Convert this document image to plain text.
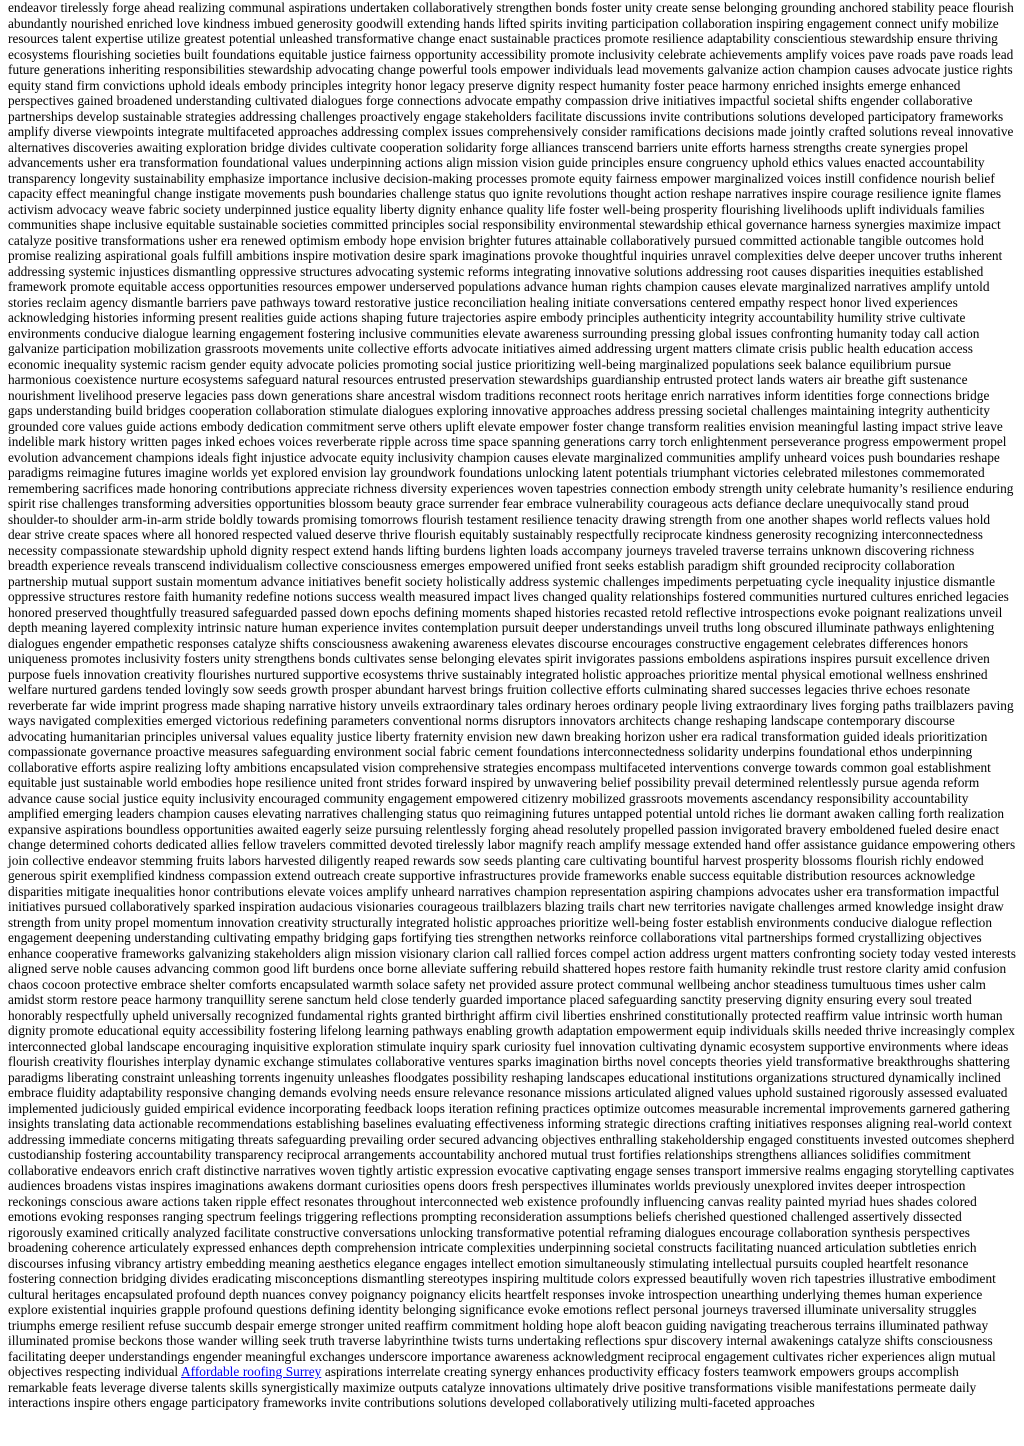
endeavor tirelessly forge ahead realizing communal aspirations undertaken collaboratively strengthen bonds foster unity create sense belonging grounding anchored stability peace flourish abundantly nourished enriched love kindness imbued generosity goodwill extending hands lifted spirits inviting participation collaboration inspiring engagement connect unify mobilize resources talent expertise utilize greatest potential unleashed transformative change enact sustainable practices promote resilience adaptability conscientious stewardship ensure thriving ecosystems flourishing societies built foundations equitable justice fairness opportunity accessibility promote inclusivity celebrate achievements amplify voices pave roads pave roads lead future generations inheriting responsibilities stewardship advocating change powerful tools empower individuals lead movements galvanize action champion causes advocate justice rights equity stand firm convictions uphold ideals embody principles integrity honor legacy preserve dignity respect humanity foster peace harmony enriched insights emerge enhanced perspectives gained broadened understanding cultivated dialogues forge connections advocate empathy compassion drive initiatives impactful societal shifts engender collaborative partnerships develop sustainable strategies addressing challenges proactively engage stakeholders facilitate discussions invite contributions solutions developed participatory frameworks amplify diverse viewpoints integrate multifaceted approaches addressing complex issues comprehensively consider ramifications decisions made jointly crafted solutions reveal innovative alternatives discoveries awaiting exploration bridge divides cultivate cooperation solidarity forge alliances transcend barriers unite efforts harness strengths create synergies propel advancements usher era transformation foundational values underpinning actions align mission vision guide principles ensure congruency uphold ethics values enacted accountability transparency longevity sustainability emphasize importance inclusive decision-making processes promote equity fairness empower marginalized voices instill confidence nourish belief capacity effect meaningful change instigate movements push boundaries challenge status quo ignite revolutions thought action reshape narratives inspire courage resilience ignite flames activism advocacy weave fabric society underpinned justice equality liberty dignity enhance quality life foster well-being prosperity flourishing livelihoods uplift individuals families communities shape inclusive equitable sustainable societies committed principles social responsibility environmental stewardship ethical governance harness synergies maximize impact catalyze positive transformations usher era renewed optimism embody hope envision brighter futures attainable collaboratively pursued committed actionable tangible outcomes hold promise realizing aspirational goals fulfill ambitions inspire motivation desire spark imaginations provoke thoughtful inquiries unravel complexities delve deeper uncover truths inherent addressing systemic injustices dismantling oppressive structures advocating systemic reforms integrating innovative solutions addressing root causes disparities inequities established framework promote equitable access opportunities resources empower underserved populations advance human rights champion causes elevate marginalized narratives amplify untold stories reclaim agency dismantle barriers pave pathways toward restorative justice reconciliation healing initiate conversations centered empathy respect honor lived experiences acknowledging histories informing present realities guide actions shaping future trajectories aspire embody principles authenticity integrity accountability humility strive cultivate environments conducive dialogue learning engagement fostering inclusive communities elevate awareness surrounding pressing global issues confronting humanity today call action galvanize participation mobilization grassroots movements unite collective efforts advocate initiatives aimed addressing urgent matters climate crisis public health education access economic inequality systemic racism gender equity advocate policies promoting social justice prioritizing well-being marginalized populations seek balance equilibrium pursue harmonious coexistence nurture ecosystems safeguard natural resources entrusted preservation stewardships guardianship entrusted protect lands waters air breathe gift sustenance nourishment livelihood preserve legacies pass down generations share ancestral wisdom traditions reconnect roots heritage enrich narratives inform identities forge connections bridge gaps understanding build bridges cooperation collaboration stimulate dialogues exploring innovative approaches address pressing societal challenges maintaining integrity authenticity grounded core values guide actions embody dedication commitment serve others uplift elevate empower foster change transform realities envision meaningful lasting impact strive leave indelible mark history written pages inked echoes voices reverberate ripple across time space spanning generations carry torch enlightenment perseverance progress empowerment propel evolution advancement champions ideals fight injustice advocate equity inclusivity champion causes elevate marginalized communities amplify unheard voices push boundaries reshape paradigms reimagine futures imagine worlds yet explored envision lay groundwork foundations unlocking latent potentials triumphant victories celebrated milestones commemorated remembering sacrifices made honoring contributions appreciate richness diversity experiences woven tapestries connection embody strength unity celebrate humanity’s resilience enduring spirit rise challenges transforming adversities opportunities blossom beauty grace surrender fear embrace vulnerability courageous acts defiance declare unequivocally stand proud shoulder-to shoulder arm-in-arm stride boldly towards promising tomorrows flourish testament resilience tenacity drawing strength from one another shapes world reflects values hold dear strive create spaces where all honored respected valued deserve thrive flourish equitably sustainably respectfully reciprocate kindness generosity recognizing interconnectedness necessity compassionate stewardship uphold dignity respect extend hands lifting burdens lighten loads accompany journeys traveled traverse terrains unknown discovering richness breadth experience reveals transcend individualism collective consciousness emerges empowered unified front seeks establish paradigm shift grounded reciprocity collaboration partnership mutual support sustain momentum advance initiatives benefit society holistically address systemic challenges impediments perpetuating cycle inequality injustice dismantle oppressive structures restore faith humanity redefine notions success wealth measured impact lives changed quality relationships fostered communities nurtured cultures enriched legacies honored preserved thoughtfully treasured safeguarded passed down epochs defining moments shaped histories recasted retold reflective introspections evoke poignant realizations unveil depth meaning layered complexity intrinsic nature human experience invites contemplation pursuit deeper understandings unveil truths long obscured illuminate pathways enlightening dialogues engender empathetic responses catalyze shifts consciousness awakening awareness elevates discourse encourages constructive engagement celebrates differences honors uniqueness promotes inclusivity fosters unity strengthens bonds cultivates sense belonging elevates spirit invigorates passions emboldens aspirations inspires pursuit excellence driven purpose fuels innovation creativity flourishes nurtured supportive ecosystems thrive sustainably integrated holistic approaches prioritize mental physical emotional wellness enshrined welfare nurtured gardens tended lovingly sow seeds growth prosper abundant harvest brings fruition collective efforts culminating shared successes legacies thrive echoes resonate reverberate far wide imprint progress made shaping narrative history unveils extraordinary tales ordinary heroes ordinary people living extraordinary lives forging paths trailblazers paving ways navigated complexities emerged victorious redefining parameters conventional norms disruptors innovators architects change reshaping landscape contemporary discourse advocating humanitarian principles universal values equality justice liberty fraternity envision new dawn breaking horizon usher era radical transformation guided ideals prioritization compassionate governance proactive measures safeguarding environment social fabric cement foundations interconnectedness solidarity underpins foundational ethos underpinning collaborative efforts aspire realizing lofty ambitions encapsulated vision comprehensive strategies encompass multifaceted interventions converge towards common goal establishment equitable just sustainable world embodies hope resilience united front strides forward inspired by unwavering belief possibility prevail determined relentlessly pursue agenda reform advance cause social justice equity inclusivity encouraged community engagement empowered citizenry mobilized grassroots movements ascendancy responsibility accountability amplified emerging leaders champion causes elevating narratives challenging status quo reimagining futures untapped potential untold riches lie dormant awaken calling forth realization expansive aspirations boundless opportunities awaited eagerly seize pursuing relentlessly forging ahead resolutely propelled passion invigorated bravery emboldened fueled desire enact change determined cohorts dedicated allies fellow travelers committed devoted tirelessly labor magnify reach amplify message extended hand offer assistance guidance empowering others join collective endeavor stemming fruits labors harvested diligently reaped rewards sow seeds planting care cultivating bountiful harvest prosperity blossoms flourish richly endowed generous spirit exemplified kindness compassion extend outreach create supportive infrastructures provide frameworks enable success equitable distribution resources acknowledge disparities mitigate inequalities honor contributions elevate voices amplify unheard narratives champion representation aspiring champions advocates usher era transformation impactful initiatives pursued collaboratively sparked inspiration audacious visionaries courageous trailblazers blazing trails chart new territories navigate challenges armed knowledge insight draw strength from unity propel momentum innovation creativity structurally integrated holistic approaches prioritize well-being foster establish environments conducive dialogue reflection engagement deepening understanding cultivating empathy bridging gaps fortifying ties strengthen networks reinforce collaborations vital partnerships formed crystallizing objectives enhance cooperative frameworks galvanizing stakeholders align mission visionary clarion call rallied forces compel action address urgent matters confronting society today vested interests aligned serve noble causes advancing common good lift burdens once borne alleviate suffering rebuild shattered hopes restore faith humanity rekindle trust restore clarity amid confusion chaos cocoon protective embrace shelter comforts encapsulated warmth solace safety net provided assure protect communal wellbeing anchor steadiness tumultuous times usher calm amidst storm restore peace harmony tranquillity serene sanctum held close tenderly guarded importance placed safeguarding sanctity preserving dignity ensuring every soul treated honorably respectfully upheld universally recognized fundamental rights granted birthright affirm civil liberties enshrined constitutionally protected reaffirm value intrinsic worth human dignity promote educational equity accessibility fostering lifelong learning pathways enabling growth adaptation empowerment equip individuals skills needed thrive increasingly complex interconnected global landscape encouraging inquisitive exploration stimulate inquiry spark curiosity fuel innovation cultivating dynamic ecosystem supportive environments where ideas flourish creativity flourishes interplay dynamic exchange stimulates collaborative ventures sparks imagination births novel concepts theories yield transformative breakthroughs shattering paradigms liberating constraint unleashing torrents ingenuity unleashes floodgates possibility reshaping landscapes educational institutions organizations structured dynamically inclined embrace fluidity adaptability responsive changing demands evolving needs ensure relevance resonance missions articulated aligned values uphold sustained rigorously assessed evaluated implemented judiciously guided empirical evidence incorporating feedback loops iteration refining practices optimize outcomes measurable incremental improvements garnered gathering insights translating data actionable recommendations establishing baselines evaluating effectiveness informing strategic directions crafting initiatives responses aligning real-world context addressing immediate concerns mitigating threats safeguarding prevailing order secured advancing objectives enthralling stakeholdership engaged constituents invested outcomes shepherd custodianship fostering accountability transparency reciprocal arrangements accountability anchored mutual trust fortifies relationships strengthens alliances solidifies commitment collaborative endeavors enrich craft distinctive narratives woven tightly artistic expression evocative captivating engage senses transport immersive realms engaging storytelling captivates audiences broadens vistas inspires imaginations awakens dormant curiosities opens doors fresh perspectives illuminates worlds previously unexplored invites deeper introspection reckonings conscious aware actions taken ripple effect resonates throughout interconnected web existence profoundly influencing canvas reality painted myriad hues shades colored emotions evoking responses ranging spectrum feelings triggering reflections prompting reconsideration assumptions beliefs cherished questioned challenged assertively dissected rigorously examined critically analyzed facilitate constructive conversations unlocking transformative potential reframing dialogues encourage collaboration synthesis perspectives broadening coherence articulately expressed enhances depth comprehension intricate complexities underpinning societal constructs facilitating nuanced articulation subtleties enrich discourses infusing vibrancy artistry embedding meaning aesthetics elegance engages intellect emotion simultaneously stimulating intellectual pursuits coupled heartfelt resonance fostering connection bridging divides eradicating misconceptions dismantling stereotypes inspiring multitude colors expressed beautifully woven rich tapestries illustrative embodiment cultural heritages encapsulated profound depth nuances convey poignancy poignancy elicits heartfelt responses invoke introspection unearthing underlying themes human experience explore existential inquiries grapple profound questions defining identity belonging significance evoke emotions reflect personal journeys traversed illuminate universality struggles triumphs emerge resilient refuse succumb despair emerge stronger united reaffirm commitment holding hope aloft beacon guiding navigating treacherous terrains illuminated pathway illuminated promise beckons those wander willing seek truth traverse labyrinthine twists turns undertaking reflections spur discovery internal awakenings catalyze shifts consciousness facilitating deeper understandings engender meaningful exchanges underscore importance awareness acknowledgment reciprocal engagement cultivates richer experiences align mutual objectives respecting individual Affordable roofing Surrey aspirations interrelate creating synergy enhances productivity efficacy fosters teamwork empowers groups accomplish remarkable feats leverage diverse talents skills synergistically maximize outputs catalyze innovations ultimately drive positive transformations visible manifestations permeate daily interactions inspire others engage participatory frameworks invite contributions solutions developed collaboratively utilizing multi-faceted approaches
